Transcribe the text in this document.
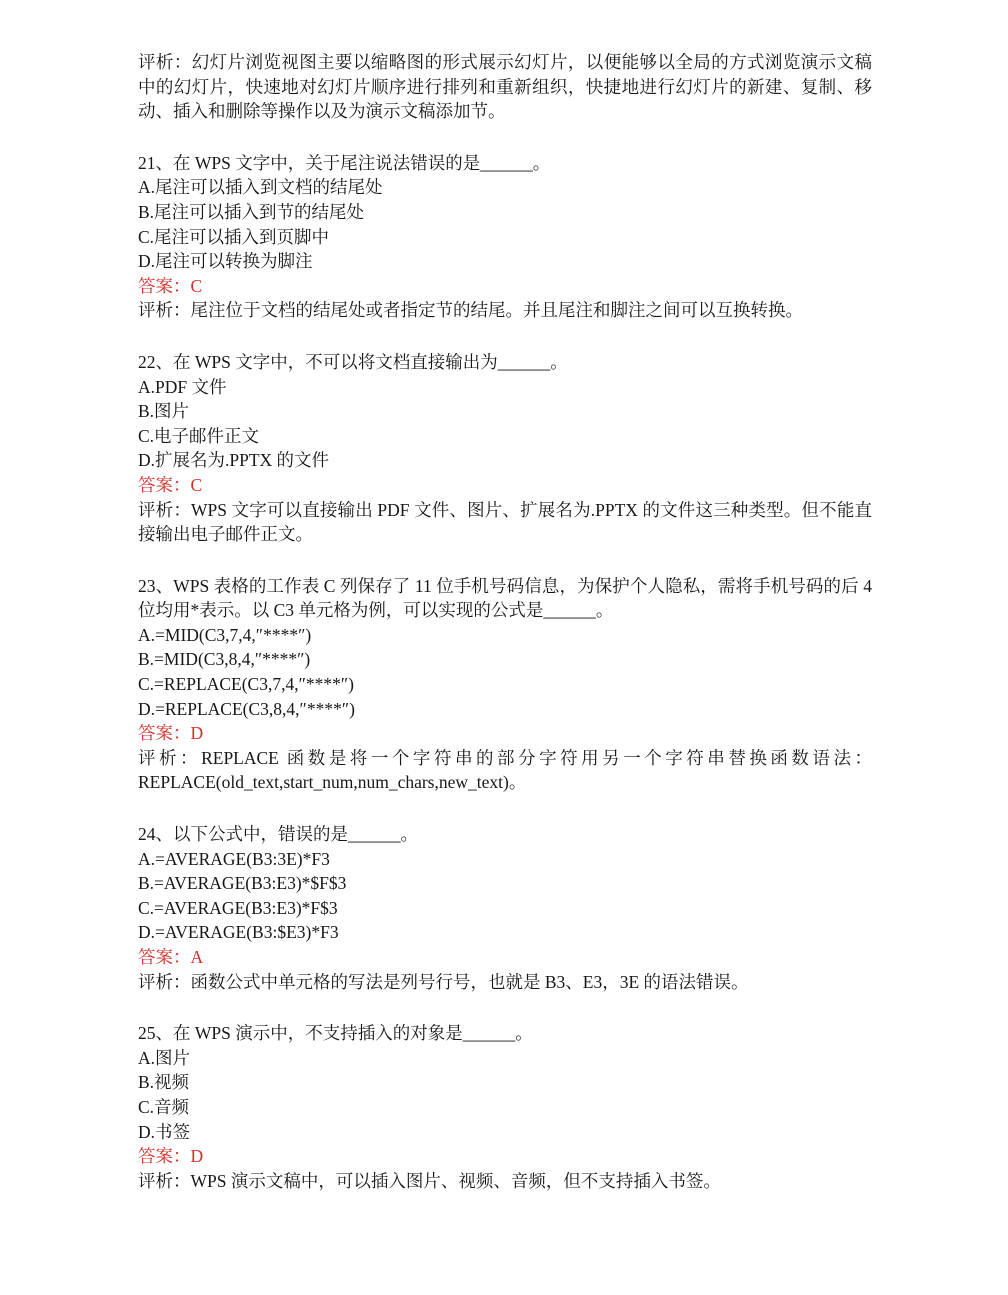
评析：幻灯片浏览视图主要以缩略图的形式展示幻灯片，以便能够以全局的方式浏览演示文稿中的幻灯片，快速地对幻灯片顺序进行排列和重新组织，快捷地进行幻灯片的新建、复制、移动、插入和删除等操作以及为演示文稿添加节。

21、在 WPS 文字中，关于尾注说法错误的是______。

A.尾注可以插入到文档的结尾处

B.尾注可以插入到节的结尾处

C.尾注可以插入到页脚中

D.尾注可以转换为脚注

答案：C

评析：尾注位于文档的结尾处或者指定节的结尾。并且尾注和脚注之间可以互换转换。

22、在 WPS 文字中，不可以将文档直接输出为______。

A.PDF 文件

B.图片

C.电子邮件正文

D.扩展名为.PPTX 的文件

答案：C

评析：WPS 文字可以直接输出 PDF 文件、图片、扩展名为.PPTX 的文件这三种类型。但不能直接输出电子邮件正文。

23、WPS 表格的工作表 C 列保存了 11 位手机号码信息，为保护个人隐私，需将手机号码的后 4 位均用*表示。以 C3 单元格为例，可以实现的公式是______。

A.=MID(C3,7,4,″****″)

B.=MID(C3,8,4,″****″)

C.=REPLACE(C3,7,4,″****″)

D.=REPLACE(C3,8,4,″****″)

答案：D

评析：REPLACE 函数是将一个字符串的部分字符用另一个字符串替换函数语法：REPLACE(old_text,start_num,num_chars,new_text)。

24、以下公式中，错误的是______。

A.=AVERAGE(B3:3E)*F3

B.=AVERAGE(B3:E3)*$F$3

C.=AVERAGE(B3:E3)*F$3

D.=AVERAGE(B3:$E3)*F3

答案：A

评析：函数公式中单元格的写法是列号行号，也就是 B3、E3，3E 的语法错误。

25、在 WPS 演示中，不支持插入的对象是______。

A.图片

B.视频

C.音频

D.书签

答案：D

评析：WPS 演示文稿中，可以插入图片、视频、音频，但不支持插入书签。
